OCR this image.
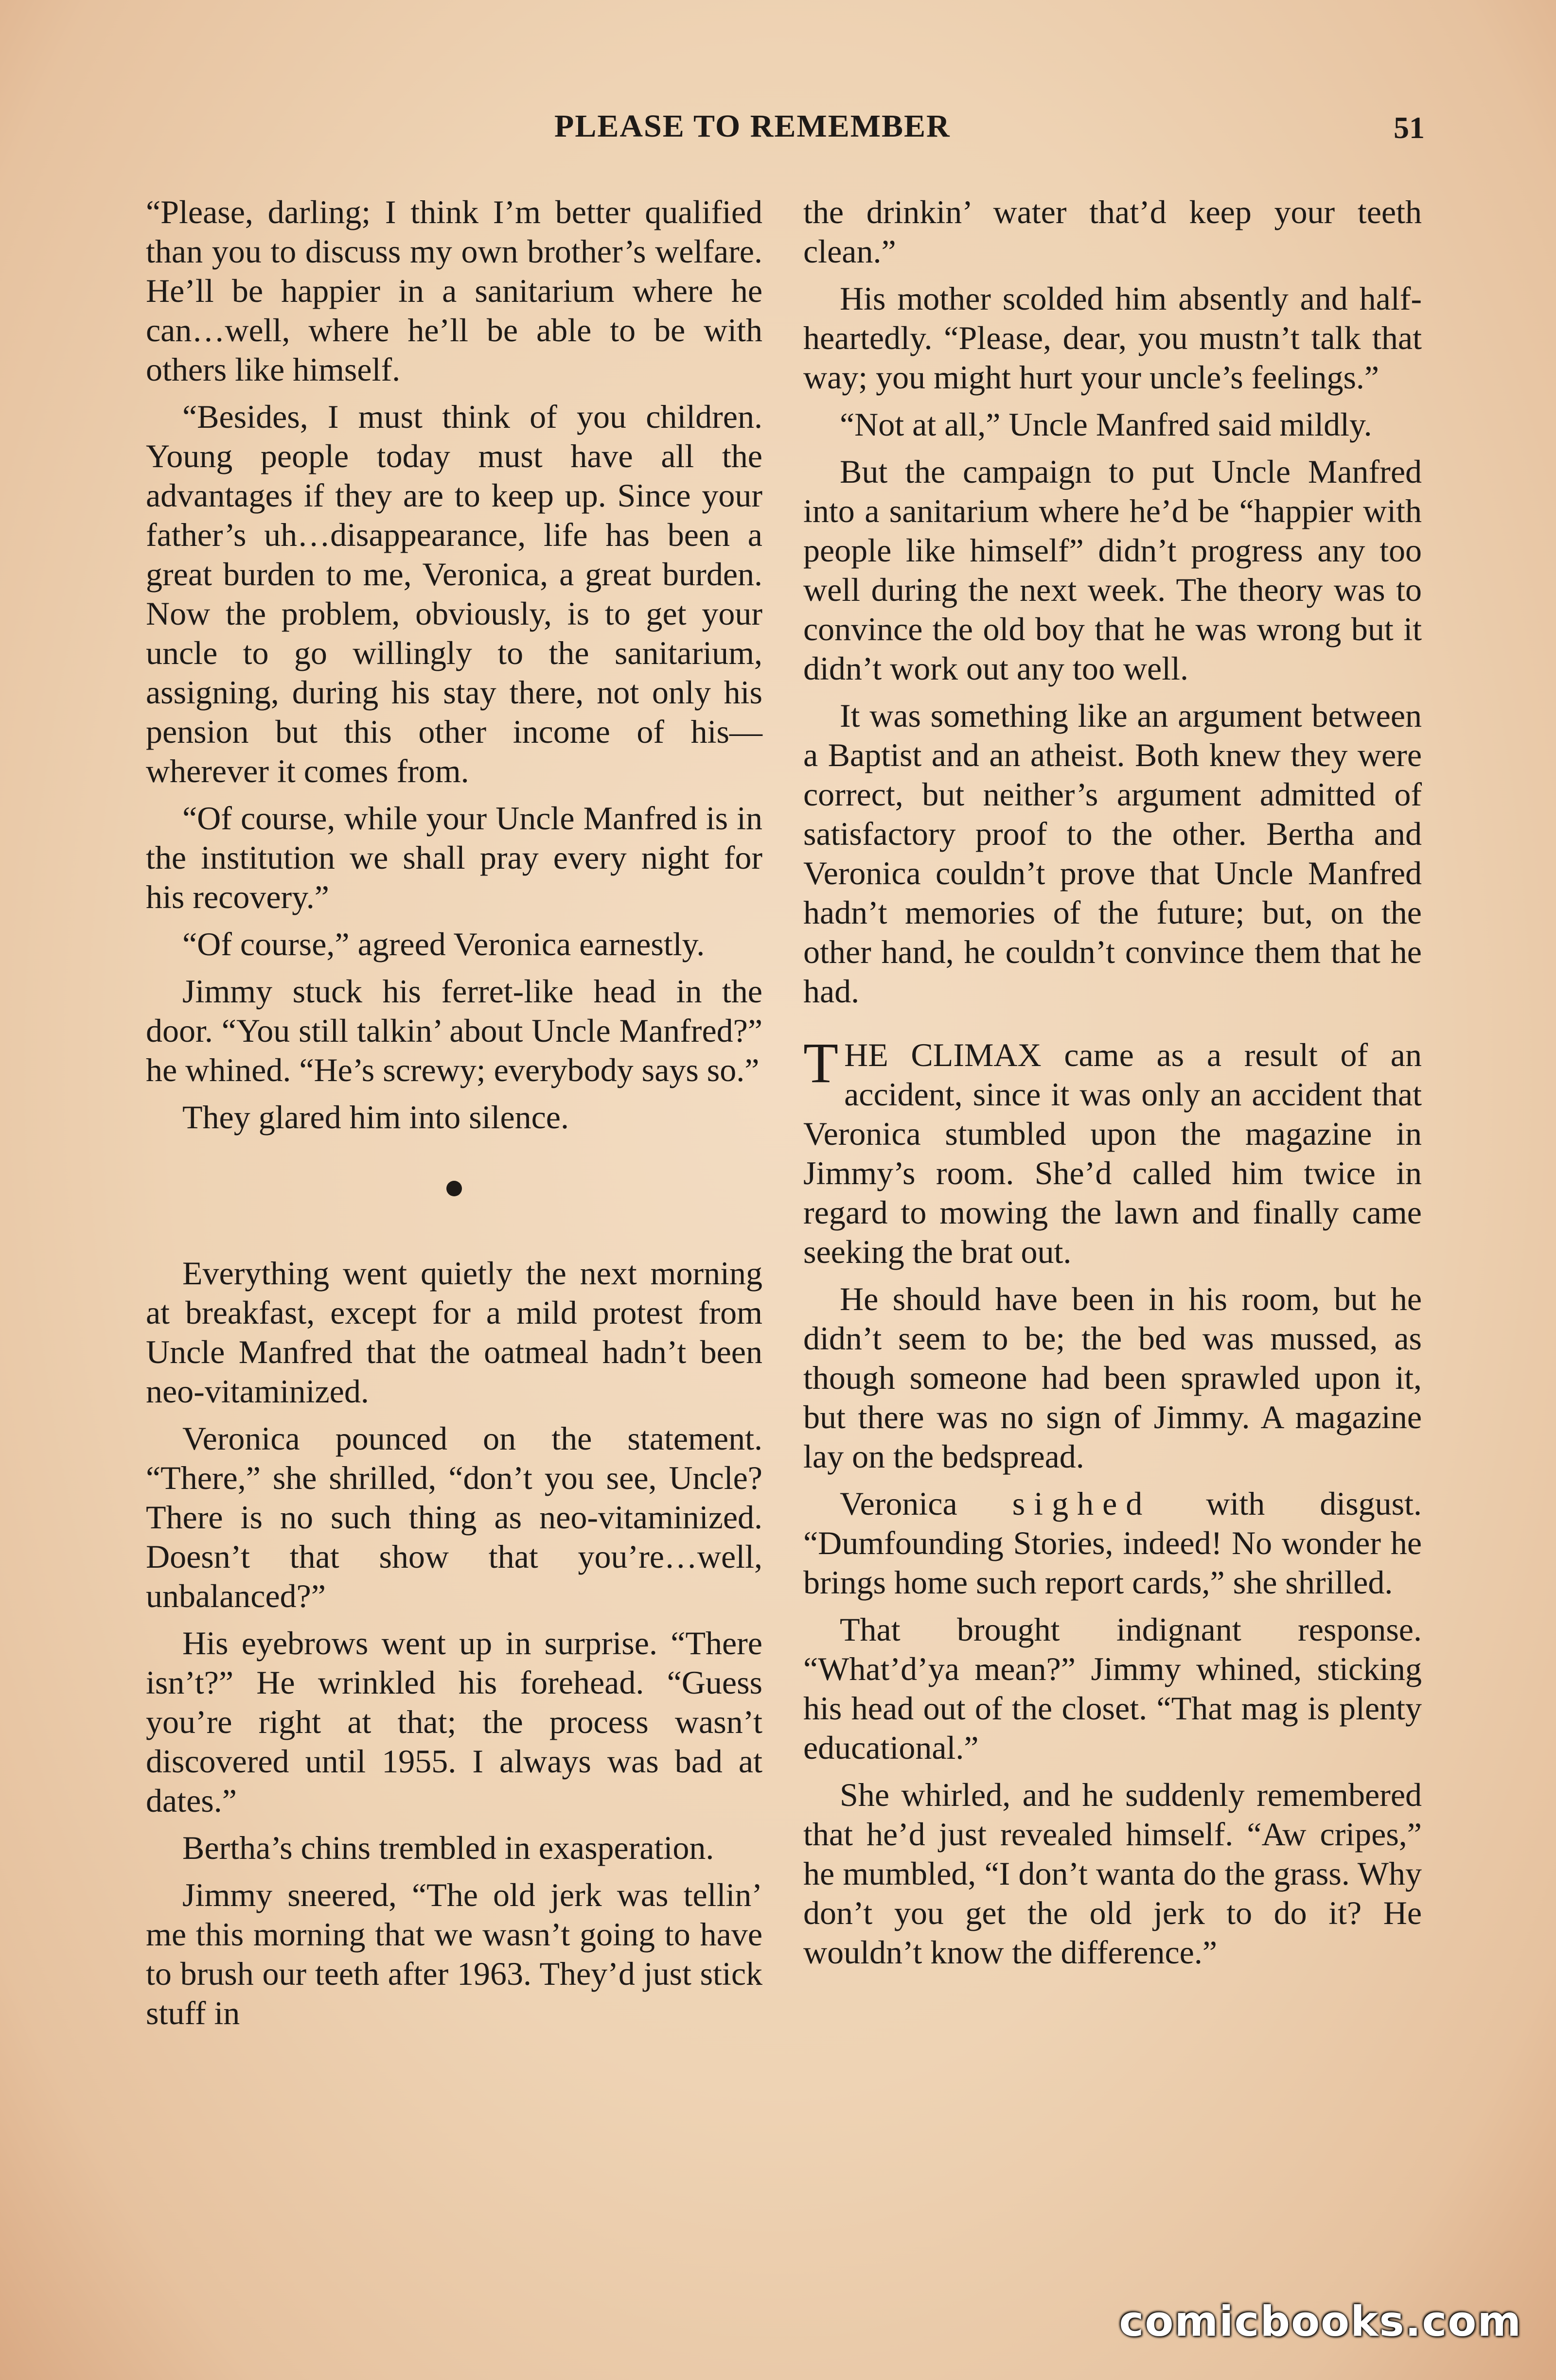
PLEASE TO REMEMBER	51

“Please, darling; I think I’m better qualified than you to discuss my own brother’s welfare. He’ll be happier in a sanitarium where he can…well, where he’ll be able to be with others like himself.

“Besides, I must think of you children. Young people today must have all the advantages if they are to keep up. Since your father’s uh…disappearance, life has been a great burden to me, Veronica, a great burden. Now the problem, obviously, is to get your uncle to go willingly to the sanitarium, assigning, during his stay there, not only his pension but this other income of his—wherever it comes from.

“Of course, while your Uncle Manfred is in the institution we shall pray every night for his recovery.”

“Of course,” agreed Veronica earnestly.

Jimmy stuck his ferret-like head in the door. “You still talkin’ about Uncle Manfred?” he whined. “He’s screwy; everybody says so.”

They glared him into silence.

Everything went quietly the next morning at breakfast, except for a mild protest from Uncle Manfred that the oatmeal hadn’t been neo-vitaminized.

Veronica pounced on the statement. “There,” she shrilled, “don’t you see, Uncle? There is no such thing as neo-vitaminized. Doesn’t that show that you’re…well, unbalanced?”

His eyebrows went up in surprise. “There isn’t?” He wrinkled his forehead. “Guess you’re right at that; the process wasn’t discovered until 1955. I always was bad at dates.”

Bertha’s chins trembled in exasperation.

Jimmy sneered, “The old jerk was tellin’ me this morning that we wasn’t going to have to brush our teeth after 1963. They’d just stick stuff in

the drinkin’ water that’d keep your teeth clean.”

His mother scolded him absently and half-heartedly. “Please, dear, you mustn’t talk that way; you might hurt your uncle’s feelings.”

“Not at all,” Uncle Manfred said mildly.

But the campaign to put Uncle Manfred into a sanitarium where he’d be “happier with people like himself” didn’t progress any too well during the next week. The theory was to convince the old boy that he was wrong but it didn’t work out any too well.

It was something like an argument between a Baptist and an atheist. Both knew they were correct, but neither’s argument admitted of satisfactory proof to the other. Bertha and Veronica couldn’t prove that Uncle Manfred hadn’t memories of the future; but, on the other hand, he couldn’t convince them that he had.

THE CLIMAX came as a result of an accident, since it was only an accident that Veronica stumbled upon the magazine in Jimmy’s room. She’d called him twice in regard to mowing the lawn and finally came seeking the brat out.

He should have been in his room, but he didn’t seem to be; the bed was mussed, as though someone had been sprawled upon it, but there was no sign of Jimmy. A magazine lay on the bedspread.

Veronica sighed with disgust. “Dumfounding Stories, indeed! No wonder he brings home such report cards,” she shrilled.

That brought indignant response. “What’d’ya mean?” Jimmy whined, sticking his head out of the closet. “That mag is plenty educational.”

She whirled, and he suddenly remembered that he’d just revealed himself. “Aw cripes,” he mumbled, “I don’t wanta do the grass. Why don’t you get the old jerk to do it? He wouldn’t know the difference.”

comicbooks.com
